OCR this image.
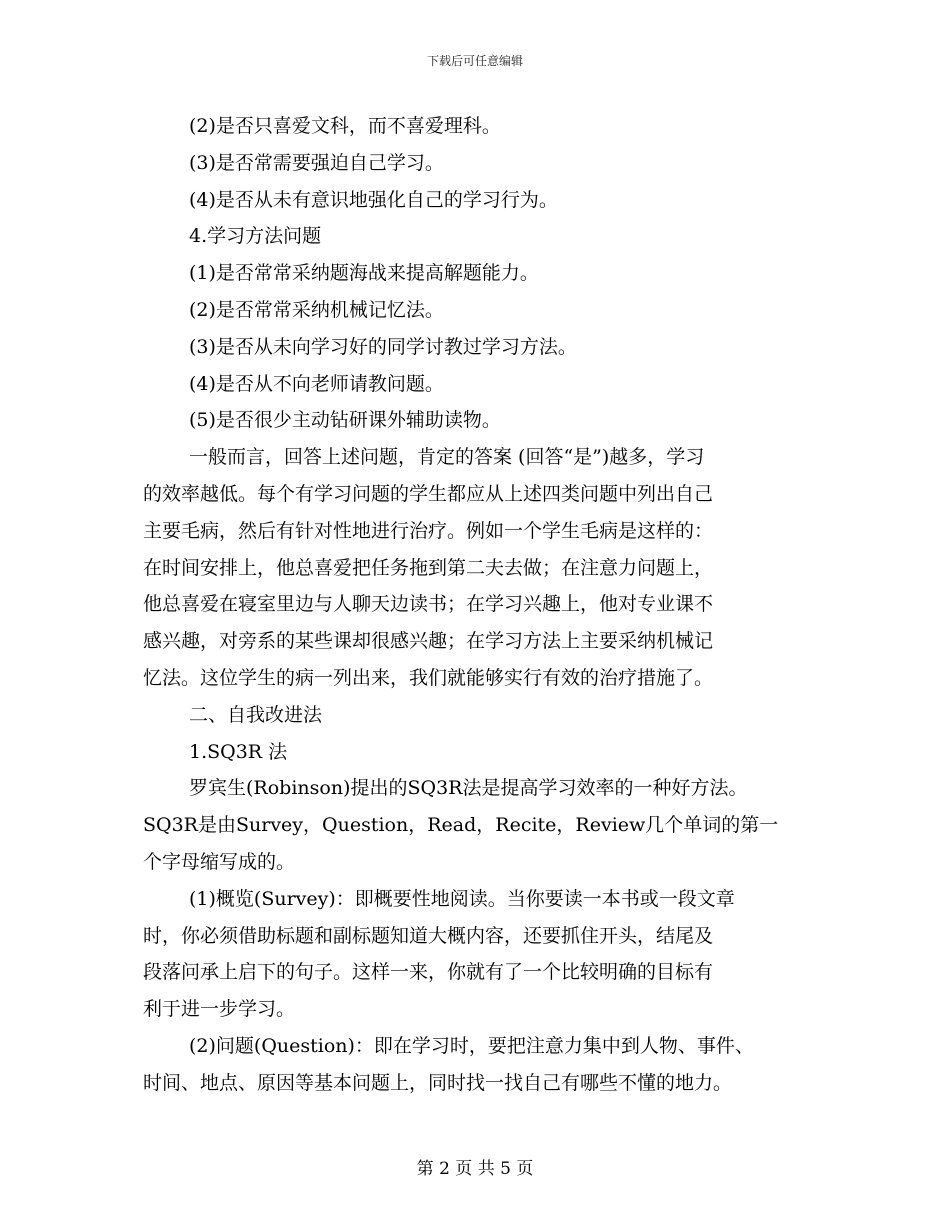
下载后可任意编辑

(2)是否只喜爱文科，而不喜爱理科。

(3)是否常需要强迫自己学习。

(4)是否从未有意识地强化自己的学习行为。

4.学习方法问题

(1)是否常常采纳题海战来提高解题能力。

(2)是否常常采纳机械记忆法。

(3)是否从未向学习好的同学讨教过学习方法。

(4)是否从不向老师请教问题。

(5)是否很少主动钻研课外辅助读物。

一般而言，回答上述问题，肯定的答案 (回答“是”)越多，学习

的效率越低。每个有学习问题的学生都应从上述四类问题中列出自己

主要毛病，然后有针对性地进行治疗。例如一个学生毛病是这样的：

在时间安排上，他总喜爱把任务拖到第二夫去做；在注意力问题上，

他总喜爱在寝室里边与人聊天边读书；在学习兴趣上，他对专业课不

感兴趣，对旁系的某些课却很感兴趣；在学习方法上主要采纳机械记

忆法。这位学生的病一列出来，我们就能够实行有效的治疗措施了。

二、自我改进法

1.SQ3R 法

罗宾生(Robinson)提出的SQ3R法是提高学习效率的一种好方法。

SQ3R是由Survey，Question，Read，Recite，Review几个单词的第一

个字母缩写成的。

(1)概览(Survey)：即概要性地阅读。当你要读一本书或一段文章

时，你必须借助标题和副标题知道大概内容，还要抓住开头，结尾及

段落问承上启下的句子。这样一来，你就有了一个比较明确的目标有

利于进一步学习。

(2)问题(Question)：即在学习时，要把注意力集中到人物、事件、

时间、地点、原因等基本问题上，同时找一找自己有哪些不懂的地力。

第 2 页 共 5 页
